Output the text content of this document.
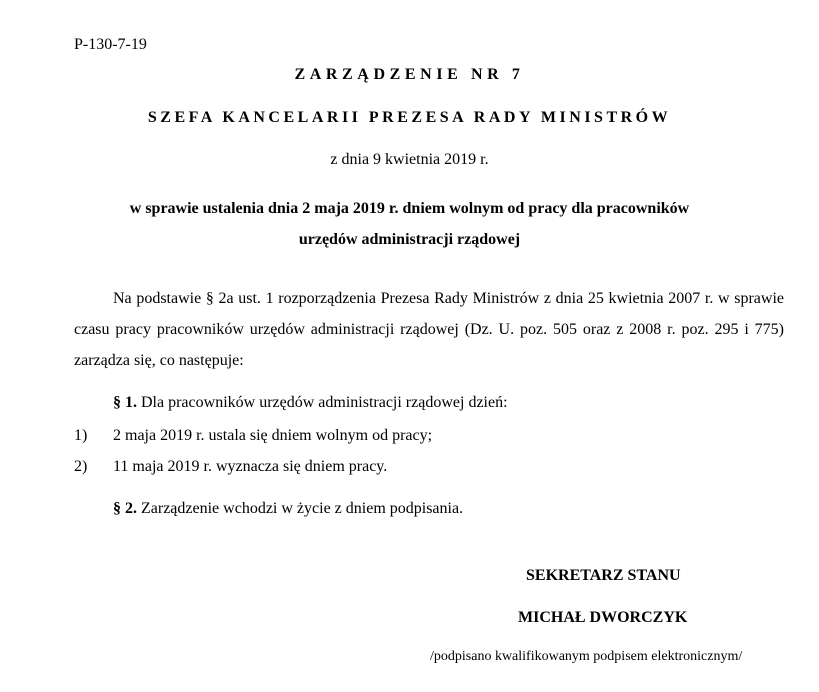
P-130-7-19
ZARZĄDZENIE NR 7
SZEFA KANCELARII PREZESA RADY MINISTRÓW
z dnia 9 kwietnia 2019 r.
w sprawie ustalenia dnia 2 maja 2019 r. dniem wolnym od pracy dla pracowników
urzędów administracji rządowej
Na podstawie § 2a ust. 1 rozporządzenia Prezesa Rady Ministrów z dnia 25 kwietnia 2007 r. w sprawie czasu pracy pracowników urzędów administracji rządowej (Dz. U. poz. 505 oraz z 2008 r. poz. 295 i 775) zarządza się, co następuje:
§ 1. Dla pracowników urzędów administracji rządowej dzień:
1) 2 maja 2019 r. ustala się dniem wolnym od pracy;
2) 11 maja 2019 r. wyznacza się dniem pracy.
§ 2. Zarządzenie wchodzi w życie z dniem podpisania.
SEKRETARZ STANU
MICHAŁ DWORCZYK
/podpisano kwalifikowanym podpisem elektronicznym/
